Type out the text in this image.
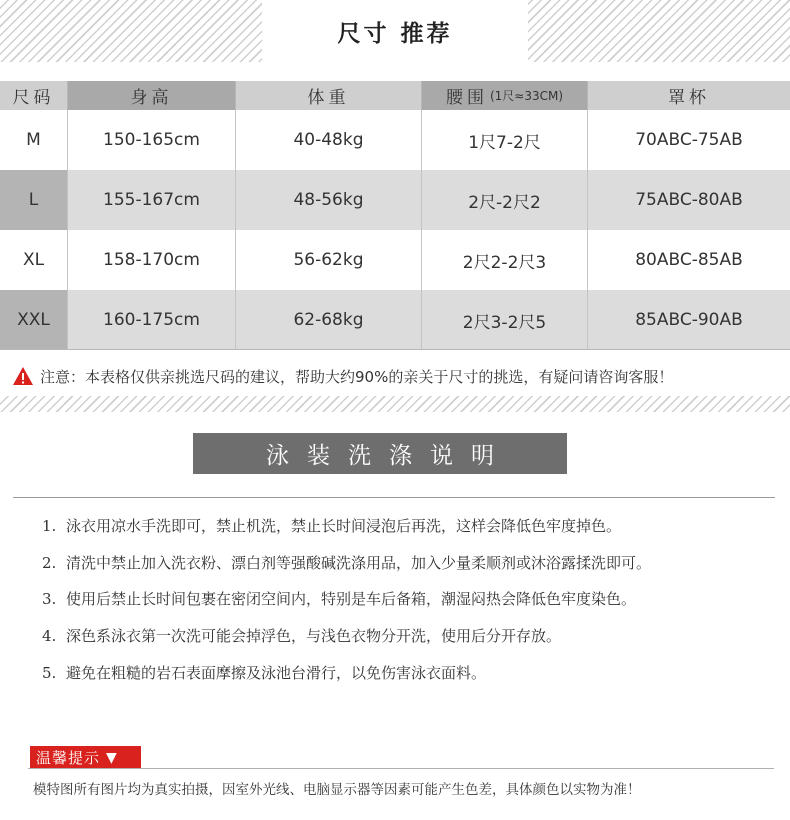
尺寸 推荐
尺码	身高	体重	腰围 (1尺≈33CM)	罩杯
M	150-165cm	40-48kg	1尺7-2尺	70ABC-75AB
L	155-167cm	48-56kg	2尺-2尺2	75ABC-80AB
XL	158-170cm	56-62kg	2尺2-2尺3	80ABC-85AB
XXL	160-175cm	62-68kg	2尺3-2尺5	85ABC-90AB
注意：本表格仅供亲挑选尺码的建议，帮助大约90%的亲关于尺寸的挑选，有疑问请咨询客服！
泳装洗涤说明
1. 泳衣用凉水手洗即可，禁止机洗，禁止长时间浸泡后再洗，这样会降低色牢度掉色。
2. 清洗中禁止加入洗衣粉、漂白剂等强酸碱洗涤用品，加入少量柔顺剂或沐浴露揉洗即可。
3. 使用后禁止长时间包裹在密闭空间内，特别是车后备箱，潮湿闷热会降低色牢度染色。
4. 深色系泳衣第一次洗可能会掉浮色，与浅色衣物分开洗，使用后分开存放。
5. 避免在粗糙的岩石表面摩擦及泳池台滑行，以免伤害泳衣面料。
温馨提示 ▼
模特图所有图片均为真实拍摄，因室外光线、电脑显示器等因素可能产生色差，具体颜色以实物为准！
